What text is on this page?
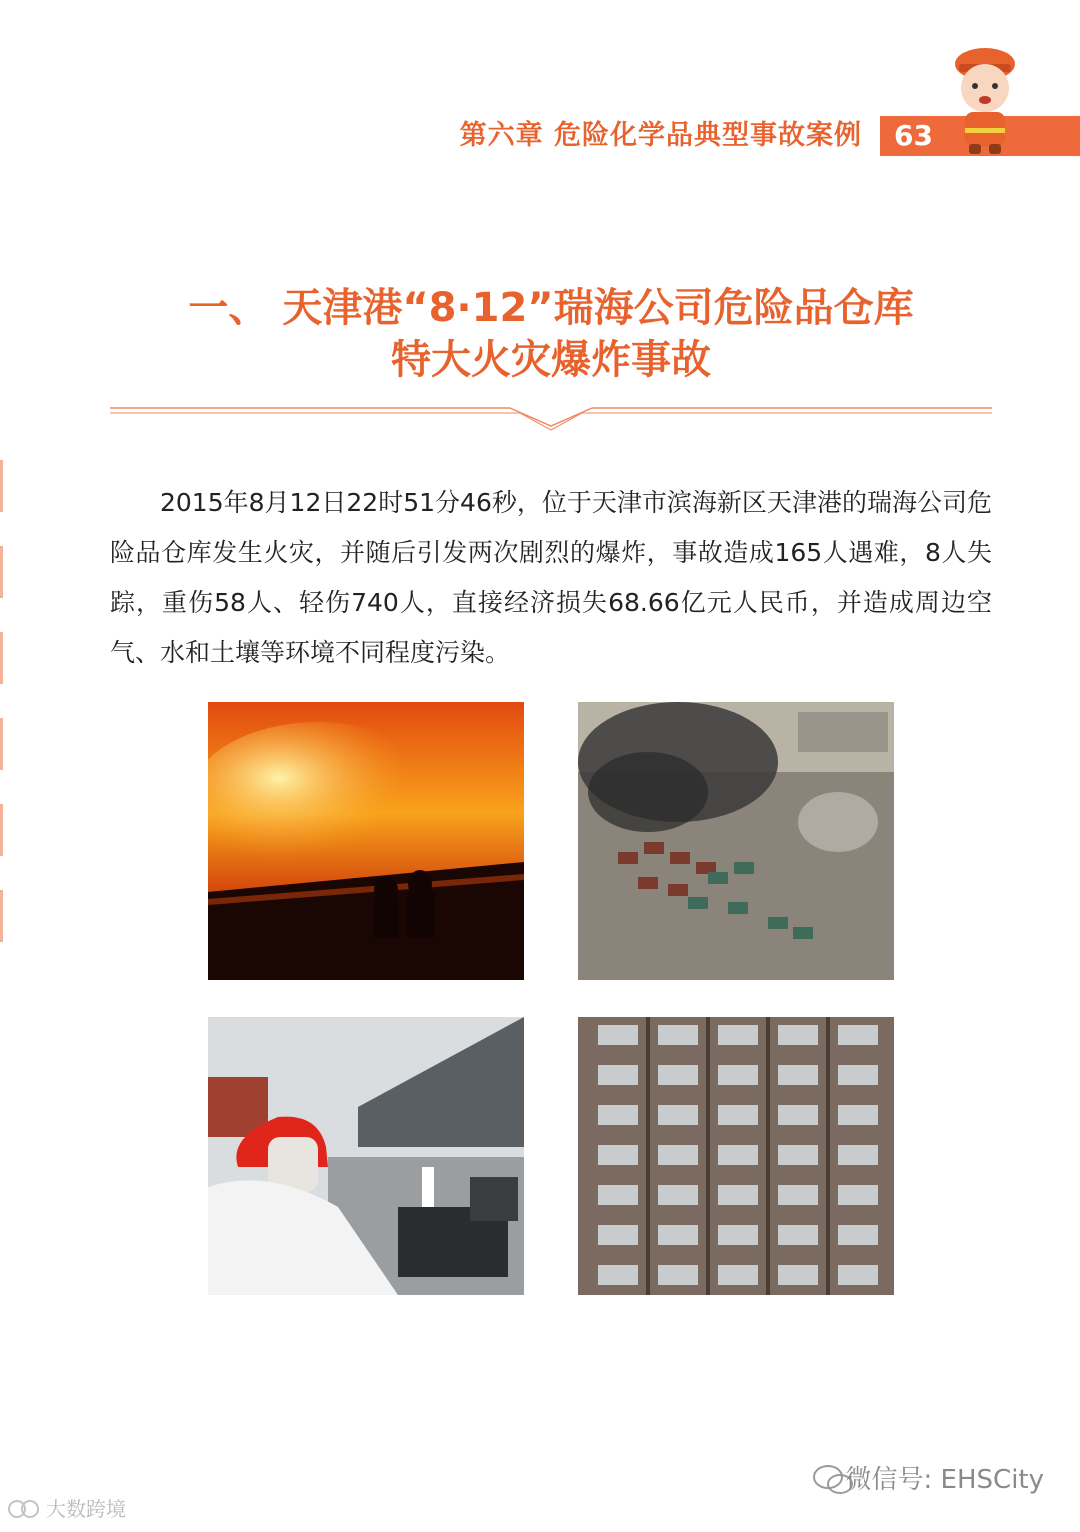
第六章 危险化学品典型事故案例 63
一、 天津港“8·12”瑞海公司危险品仓库
特大火灾爆炸事故

2015年8月12日22时51分46秒，位于天津市滨海新区天津港的瑞海公司危险品仓库发生火灾，并随后引发两次剧烈的爆炸，事故造成165人遇难，8人失踪，重伤58人、轻伤740人，直接经济损失68.66亿元人民币，并造成周边空气、水和土壤等环境不同程度污染。

微信号: EHSCity
大数跨境
